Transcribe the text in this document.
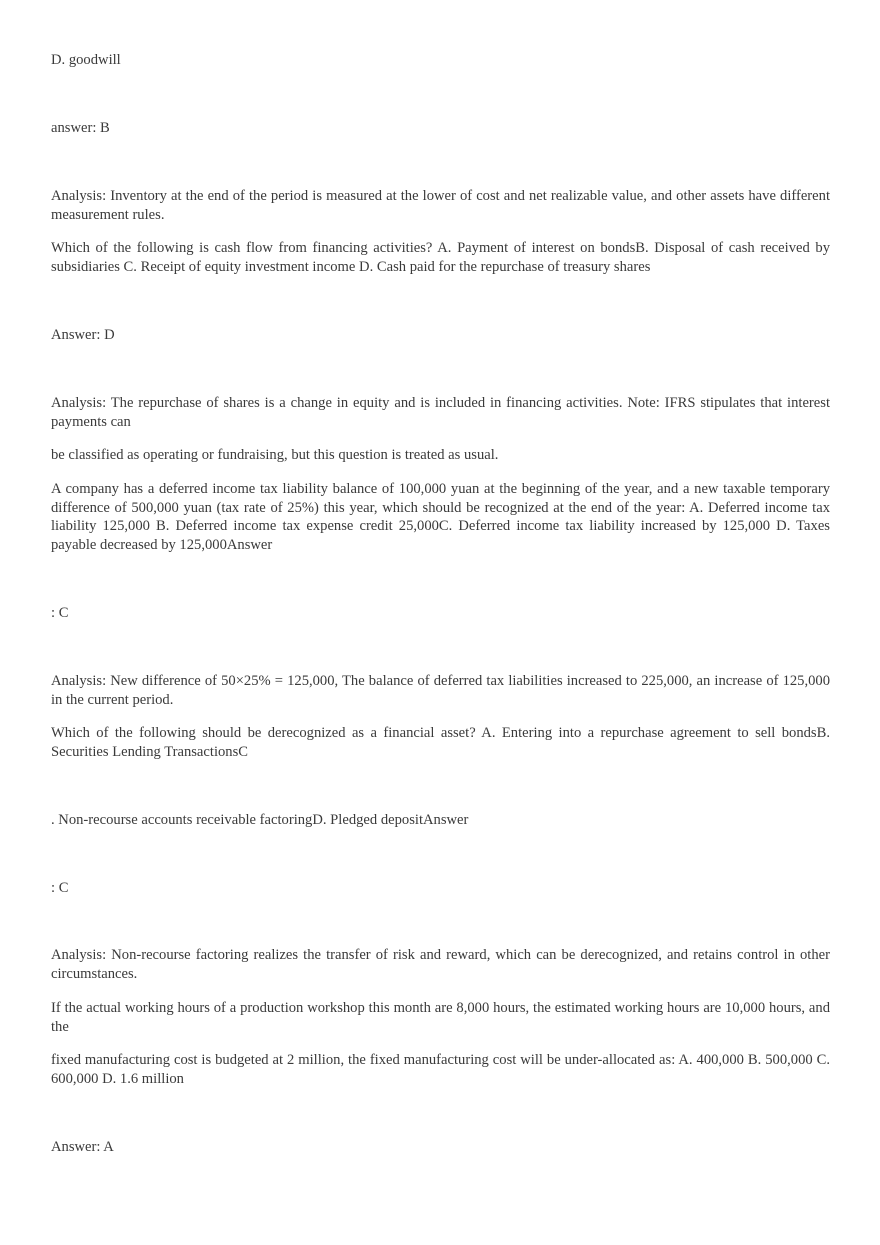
D. goodwill

answer: B

Analysis: Inventory at the end of the period is measured at the lower of cost and net realizable value, and other assets have different measurement rules.

Which of the following is cash flow from financing activities? A. Payment of interest on bondsB. Disposal of cash received by subsidiaries C. Receipt of equity investment income D. Cash paid for the repurchase of treasury shares

Answer: D

Analysis: The repurchase of shares is a change in equity and is included in financing activities. Note: IFRS stipulates that interest payments can

be classified as operating or fundraising, but this question is treated as usual.

A company has a deferred income tax liability balance of 100,000 yuan at the beginning of the year, and a new taxable temporary difference of 500,000 yuan (tax rate of 25%) this year, which should be recognized at the end of the year: A. Deferred income tax liability 125,000 B. Deferred income tax expense credit 25,000C. Deferred income tax liability increased by 125,000 D. Taxes payable decreased by 125,000Answer

: C

Analysis: New difference of 50×25% = 125,000, The balance of deferred tax liabilities increased to 225,000, an increase of 125,000 in the current period.

Which of the following should be derecognized as a financial asset? A. Entering into a repurchase agreement to sell bondsB. Securities Lending TransactionsC

. Non-recourse accounts receivable factoringD. Pledged depositAnswer

: C

Analysis: Non-recourse factoring realizes the transfer of risk and reward, which can be derecognized, and retains control in other circumstances.

If the actual working hours of a production workshop this month are 8,000 hours, the estimated working hours are 10,000 hours, and the

fixed manufacturing cost is budgeted at 2 million, the fixed manufacturing cost will be under-allocated as: A. 400,000 B. 500,000 C. 600,000 D. 1.6 million

Answer: A
